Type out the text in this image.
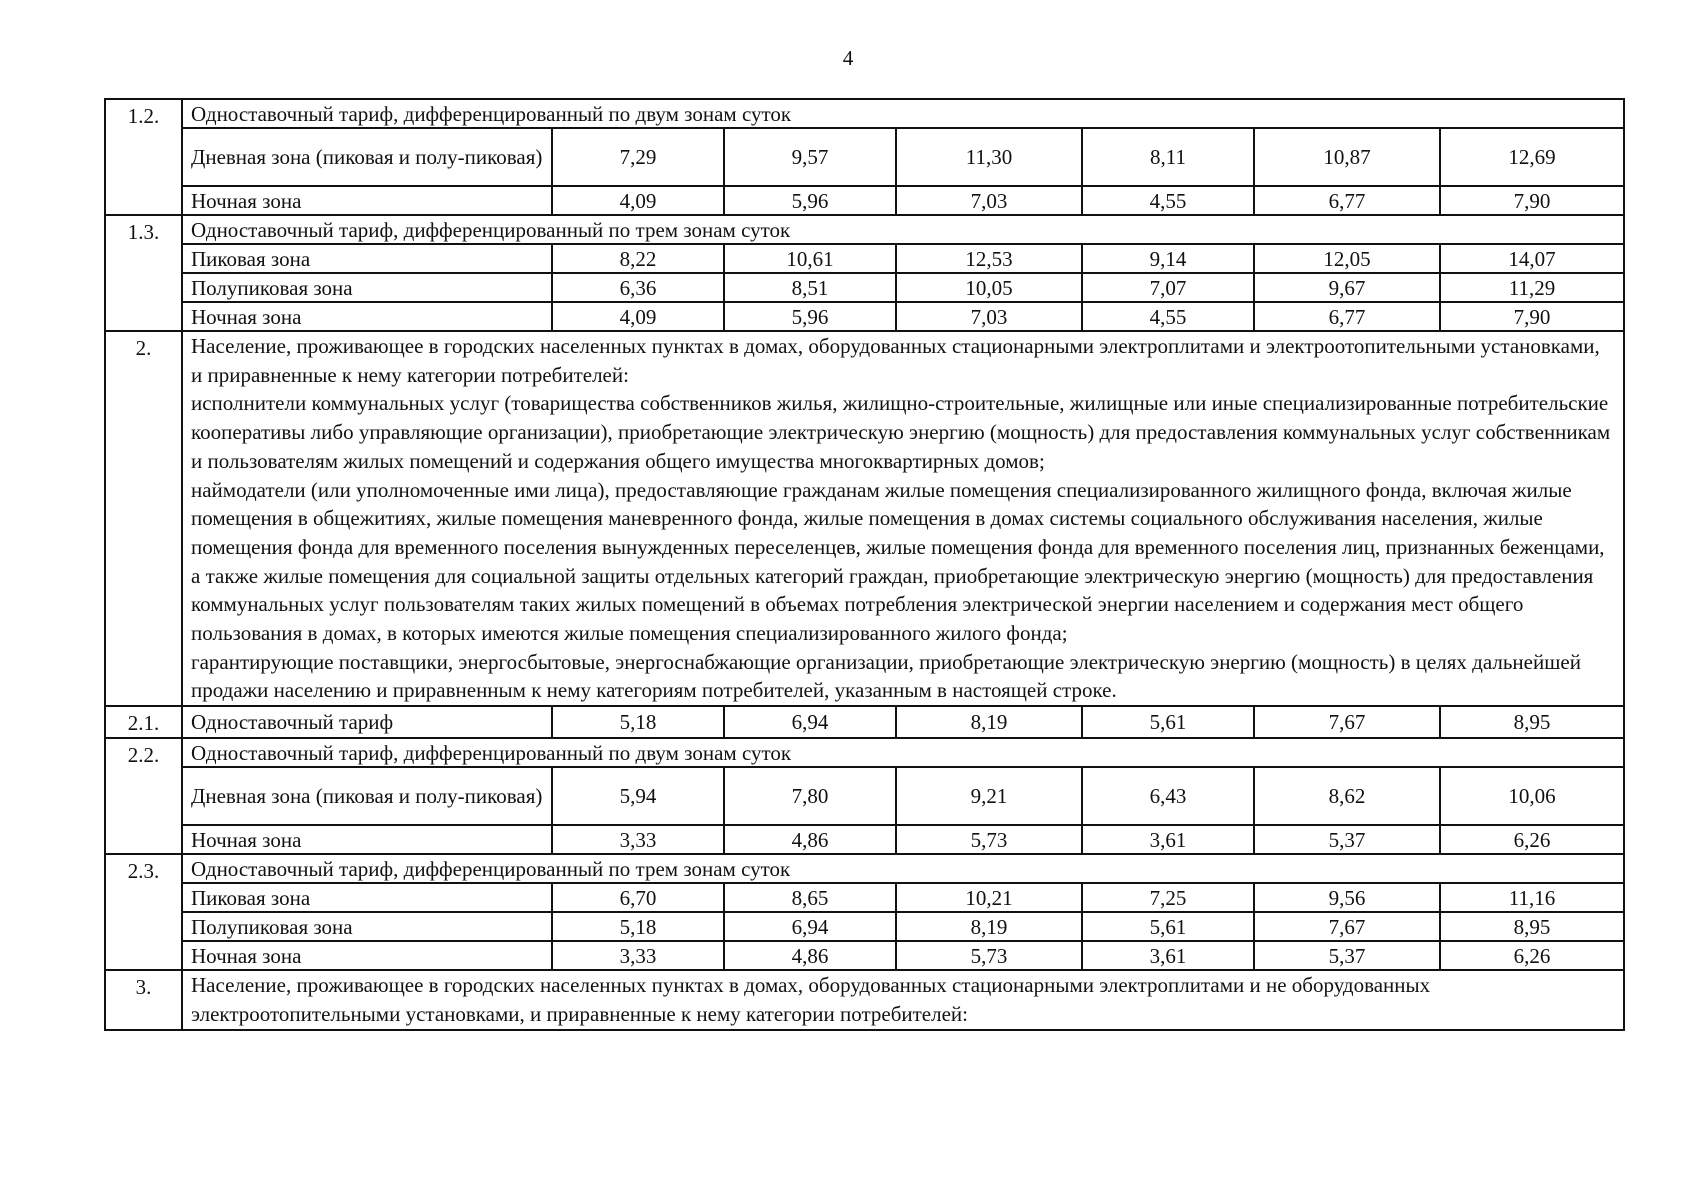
4
1.2.	Одноставочный тариф, дифференцированный по двум зонам суток						
	Дневная зона (пиковая и полу-пиковая)	7,29	9,57	11,30	8,11	10,87	12,69
	Ночная зона	4,09	5,96	7,03	4,55	6,77	7,90
1.3.	Одноставочный тариф, дифференцированный по трем зонам суток						
	Пиковая зона	8,22	10,61	12,53	9,14	12,05	14,07
	Полупиковая зона	6,36	8,51	10,05	7,07	9,67	11,29
	Ночная зона	4,09	5,96	7,03	4,55	6,77	7,90
2.	Население, проживающее в городских населенных пунктах в домах, оборудованных стационарными электроплитами и электроотопительными установками, и приравненные к нему категории потребителей:
исполнители коммунальных услуг (товарищества собственников жилья, жилищно-строительные, жилищные или иные специализированные потребительские кооперативы либо управляющие организации), приобретающие электрическую энергию (мощность) для предоставления коммунальных услуг собственникам и пользователям жилых помещений и содержания общего имущества многоквартирных домов;
наймодатели (или уполномоченные ими лица), предоставляющие гражданам жилые помещения специализированного жилищного фонда, включая жилые помещения в общежитиях, жилые помещения маневренного фонда, жилые помещения в домах системы социального обслуживания населения, жилые помещения фонда для временного поселения вынужденных переселенцев, жилые помещения фонда для временного поселения лиц, признанных беженцами, а также жилые помещения для социальной защиты отдельных категорий граждан, приобретающие электрическую энергию (мощность) для предоставления коммунальных услуг пользователям таких жилых помещений в объемах потребления электрической энергии населением и содержания мест общего пользования в домах, в которых имеются жилые помещения специализированного жилого фонда;
гарантирующие поставщики, энергосбытовые, энергоснабжающие организации, приобретающие электрическую энергию (мощность) в целях дальнейшей продажи населению и приравненным к нему категориям потребителей, указанным в настоящей строке.						

2.1.	Одноставочный тариф	5,18	6,94	8,19	5,61	7,67	8,95
2.2.	Одноставочный тариф, дифференцированный по двум зонам суток						
	Дневная зона (пиковая и полу-пиковая)	5,94	7,80	9,21	6,43	8,62	10,06
	Ночная зона	3,33	4,86	5,73	3,61	5,37	6,26
2.3.	Одноставочный тариф, дифференцированный по трем зонам суток						
	Пиковая зона	6,70	8,65	10,21	7,25	9,56	11,16
	Полупиковая зона	5,18	6,94	8,19	5,61	7,67	8,95
	Ночная зона	3,33	4,86	5,73	3,61	5,37	6,26
3.	Население, проживающее в городских населенных пунктах в домах, оборудованных стационарными электроплитами и не оборудованных электроотопительными установками, и приравненные к нему категории потребителей:						
